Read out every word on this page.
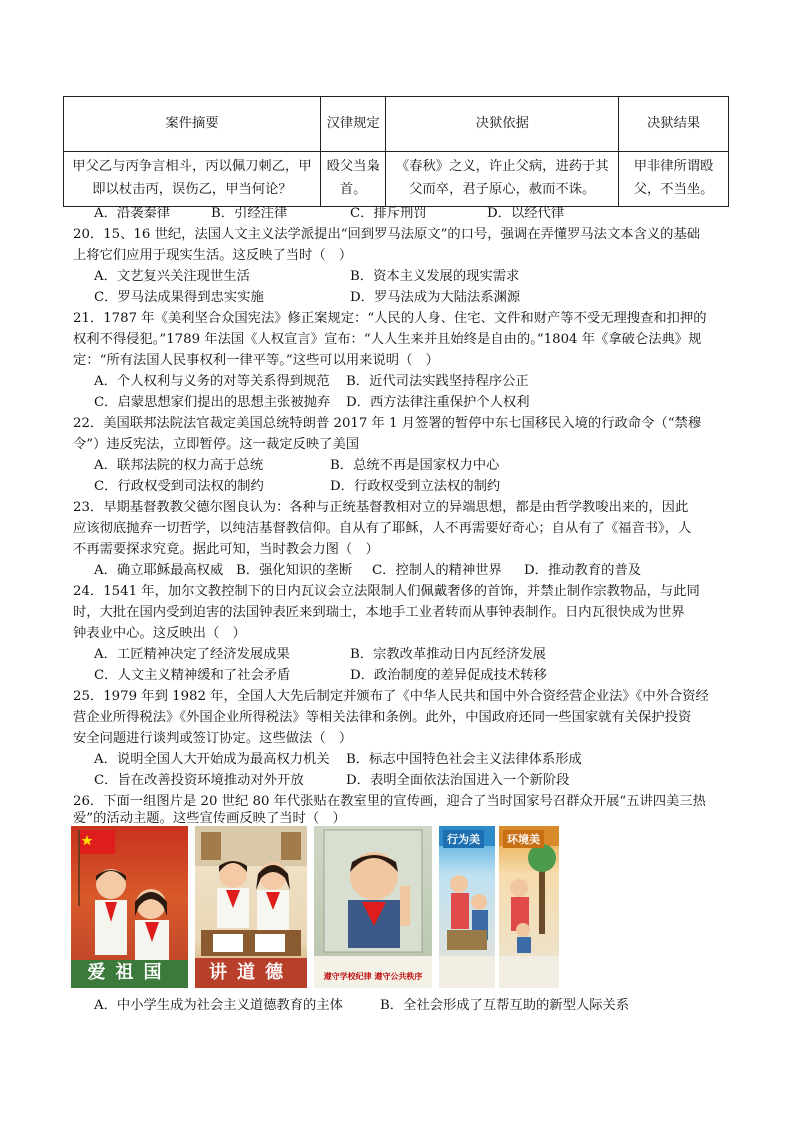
案件摘要	汉律规定	决狱依据	决狱结果
甲父乙与丙争言相斗，丙以佩刀刺乙，甲即以杖击丙，误伤乙，甲当何论？	殴父当枭首。	《春秋》之义，许止父病，进药于其父而卒，君子原心，赦而不诛。	甲非律所谓殴父，不当坐。
A．沿袭秦律	B．引经注律	C．排斥刑罚	D．以经代律
20．15、16 世纪，法国人文主义法学派提出“回到罗马法原文”的口号，强调在弄懂罗马法文本含义的基础
上将它们应用于现实生活。这反映了当时（　）
A．文艺复兴关注现世生活	B．资本主义发展的现实需求
C．罗马法成果得到忠实实施	D．罗马法成为大陆法系渊源
21．1787 年《美利坚合众国宪法》修正案规定：“人民的人身、住宅、文件和财产等不受无理搜查和扣押的
权利不得侵犯。”1789 年法国《人权宣言》宣布：“人人生来并且始终是自由的。”1804 年《拿破仑法典》规
定：“所有法国人民事权利一律平等。”这些可以用来说明（　）
A．个人权利与义务的对等关系得到规范 B．近代司法实践坚持程序公正
C．启蒙思想家们提出的思想主张被抛弃 D．西方法律注重保护个人权利
22．美国联邦法院法官裁定美国总统特朗普 2017 年 1 月签署的暂停中东七国移民入境的行政命令（“禁穆
令”）违反宪法，立即暂停。这一裁定反映了美国
A．联邦法院的权力高于总统	B．总统不再是国家权力中心
C．行政权受到司法权的制约	D．行政权受到立法权的制约
23．早期基督教教父德尔图良认为：各种与正统基督教相对立的异端思想，都是由哲学教唆出来的，因此
应该彻底抛弃一切哲学，以纯洁基督教信仰。自从有了耶稣，人不再需要好奇心；自从有了《福音书》，人
不再需要探求究竟。据此可知，当时教会力图（　）
A．确立耶稣最高权威 B．强化知识的垄断 C．控制人的精神世界 D．推动教育的普及
24．1541 年，加尔文教控制下的日内瓦议会立法限制人们佩戴奢侈的首饰，并禁止制作宗教物品，与此同
时，大批在国内受到迫害的法国钟表匠来到瑞士，本地手工业者转而从事钟表制作。日内瓦很快成为世界
钟表业中心。这反映出（　）
A．工匠精神决定了经济发展成果	B．宗教改革推动日内瓦经济发展
C．人文主义精神缓和了社会矛盾	D．政治制度的差异促成技术转移
25．1979 年到 1982 年，全国人大先后制定并颁布了《中华人民共和国中外合资经营企业法》《中外合资经
营企业所得税法》《外国企业所得税法》等相关法律和条例。此外，中国政府还同一些国家就有关保护投资
安全问题进行谈判或签订协定。这些做法（　）
A．说明全国人大开始成为最高权力机关 B．标志中国特色社会主义法律体系形成
C．旨在改善投资环境推动对外开放	D．表明全面依法治国进入一个新阶段
26．下面一组图片是 20 世纪 80 年代张贴在教室里的宣传画，迎合了当时国家号召群众开展“五讲四美三热
爱”的活动主题。这些宣传画反映了当时（　）
爱祖国	讲道德	遵守学校纪律 遵守公共秩序
行为美	环境美
A．中小学生成为社会主义道德教育的主体	B．全社会形成了互帮互助的新型人际关系
